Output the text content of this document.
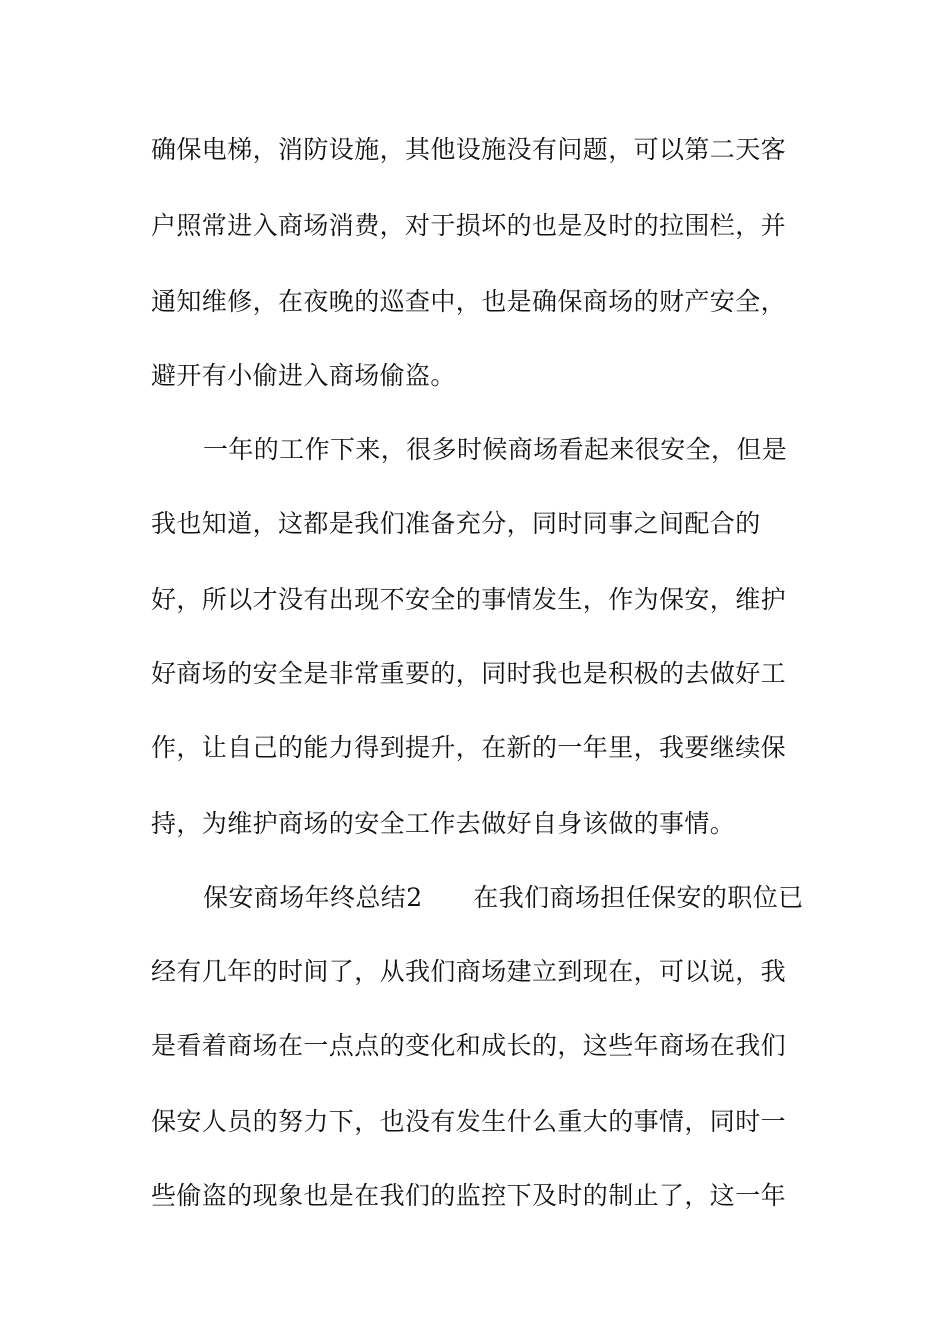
确保电梯，消防设施，其他设施没有问题，可以第二天客
户照常进入商场消费，对于损坏的也是及时的拉围栏，并
通知维修，在夜晚的巡查中，也是确保商场的财产安全，
避开有小偷进入商场偷盗。
一年的工作下来，很多时候商场看起来很安全，但是
我也知道，这都是我们准备充分，同时同事之间配合的
好，所以才没有出现不安全的事情发生，作为保安，维护
好商场的安全是非常重要的，同时我也是积极的去做好工
作，让自己的能力得到提升，在新的一年里，我要继续保
持，为维护商场的安全工作去做好自身该做的事情。
保安商场年终总结2　　在我们商场担任保安的职位已
经有几年的时间了，从我们商场建立到现在，可以说，我
是看着商场在一点点的变化和成长的，这些年商场在我们
保安人员的努力下，也没有发生什么重大的事情，同时一
些偷盗的现象也是在我们的监控下及时的制止了，这一年
